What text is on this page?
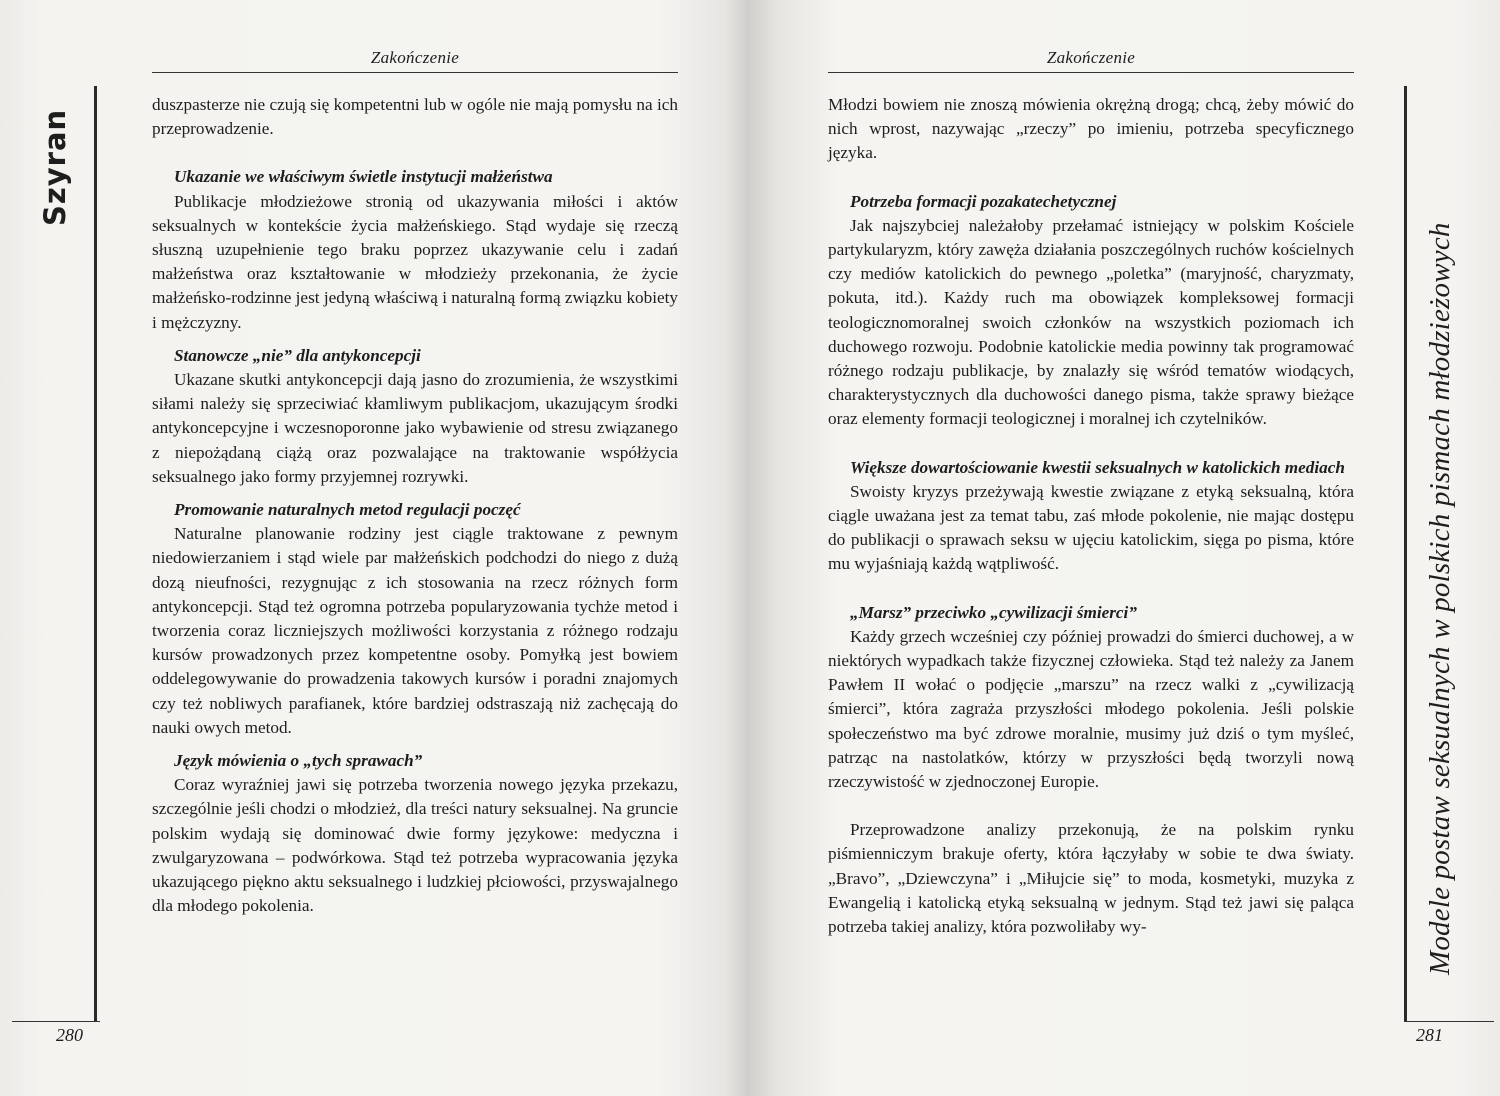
Zakończenie
280
Szyran

duszpasterze nie czują się kompetentni lub w ogóle nie mają pomysłu na ich przeprowadzenie.

Ukazanie we właściwym świetle instytucji małżeństwa

Publikacje młodzieżowe stronią od ukazywania miłości i aktów seksualnych w kontekście życia małżeńskiego. Stąd wydaje się rzeczą słuszną uzupełnienie tego braku poprzez ukazywanie celu i zadań małżeństwa oraz kształtowanie w młodzieży przekonania, że życie małżeńsko-rodzinne jest jedyną właściwą i naturalną formą związku kobiety i mężczyzny.

Stanowcze „nie” dla antykoncepcji

Ukazane skutki antykoncepcji dają jasno do zrozumienia, że wszystkimi siłami należy się sprzeciwiać kłamliwym publikacjom, ukazującym środki antykoncepcyjne i wczesnoporonne jako wybawienie od stresu związanego z niepożądaną ciążą oraz pozwalające na traktowanie współżycia seksualnego jako formy przyjemnej rozrywki.

Promowanie naturalnych metod regulacji poczęć

Naturalne planowanie rodziny jest ciągle traktowane z pewnym niedowierzaniem i stąd wiele par małżeńskich podchodzi do niego z dużą dozą nieufności, rezygnując z ich stosowania na rzecz różnych form antykoncepcji. Stąd też ogromna potrzeba popularyzowania tychże metod i tworzenia coraz liczniejszych możliwości korzystania z różnego rodzaju kursów prowadzonych przez kompetentne osoby. Pomyłką jest bowiem oddelegowywanie do prowadzenia takowych kursów i poradni znajomych czy też nobliwych parafianek, które bardziej odstraszają niż zachęcają do nauki owych metod.

Język mówienia o „tych sprawach”

Coraz wyraźniej jawi się potrzeba tworzenia nowego języka przekazu, szczególnie jeśli chodzi o młodzież, dla treści natury seksualnej. Na gruncie polskim wydają się dominować dwie formy językowe: medyczna i zwulgaryzowana – podwórkowa. Stąd też potrzeba wypracowania języka ukazującego piękno aktu seksualnego i ludzkiej płciowości, przyswajalnego dla młodego pokolenia.

Zakończenie
281
Modele postaw seksualnych w polskich pismach młodzieżowych

Młodzi bowiem nie znoszą mówienia okrężną drogą; chcą, żeby mówić do nich wprost, nazywając „rzeczy” po imieniu, potrzeba specyficznego języka.

Potrzeba formacji pozakatechetycznej

Jak najszybciej należałoby przełamać istniejący w polskim Kościele partykularyzm, który zawęża działania poszczególnych ruchów kościelnych czy mediów katolickich do pewnego „poletka” (maryjność, charyzmaty, pokuta, itd.). Każdy ruch ma obowiązek kompleksowej formacji teologicznomoralnej swoich członków na wszystkich poziomach ich duchowego rozwoju. Podobnie katolickie media powinny tak programować różnego rodzaju publikacje, by znalazły się wśród tematów wiodących, charakterystycznych dla duchowości danego pisma, także sprawy bieżące oraz elementy formacji teologicznej i moralnej ich czytelników.

Większe dowartościowanie kwestii seksualnych w katolickich mediach

Swoisty kryzys przeżywają kwestie związane z etyką seksualną, która ciągle uważana jest za temat tabu, zaś młode pokolenie, nie mając dostępu do publikacji o sprawach seksu w ujęciu katolickim, sięga po pisma, które mu wyjaśniają każdą wątpliwość.

„Marsz” przeciwko „cywilizacji śmierci”

Każdy grzech wcześniej czy później prowadzi do śmierci duchowej, a w niektórych wypadkach także fizycznej człowieka. Stąd też należy za Janem Pawłem II wołać o podjęcie „marszu” na rzecz walki z „cywilizacją śmierci”, która zagraża przyszłości młodego pokolenia. Jeśli polskie społeczeństwo ma być zdrowe moralnie, musimy już dziś o tym myśleć, patrząc na nastolatków, którzy w przyszłości będą tworzyli nową rzeczywistość w zjednoczonej Europie.

Przeprowadzone analizy przekonują, że na polskim rynku piśmienniczym brakuje oferty, która łączyłaby w sobie te dwa światy. „Bravo”, „Dziewczyna” i „Miłujcie się” to moda, kosmetyki, muzyka z Ewangelią i katolicką etyką seksualną w jednym. Stąd też jawi się paląca potrzeba takiej analizy, która pozwoliłaby wy-
